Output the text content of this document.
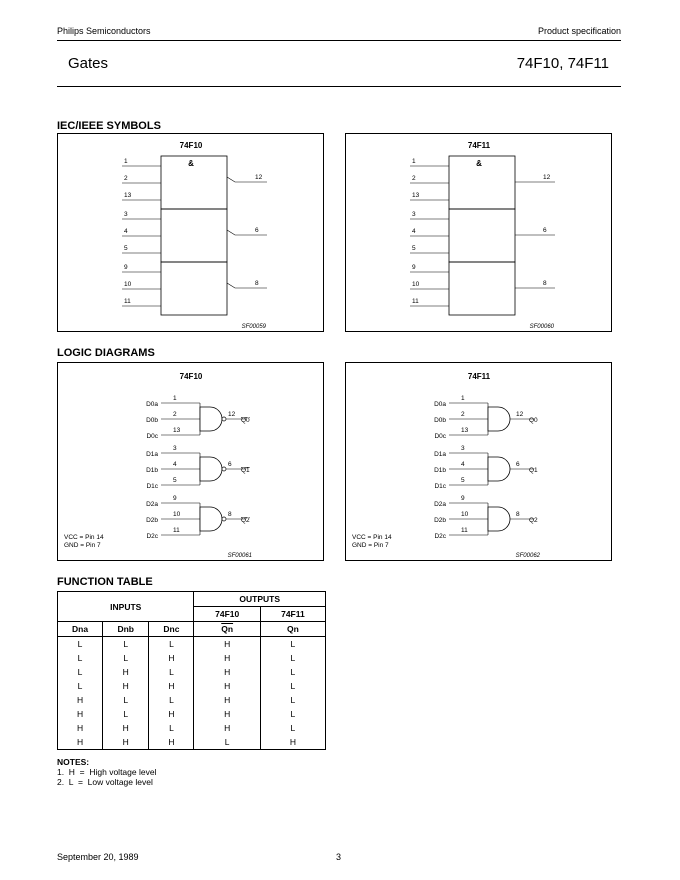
Philips Semiconductors	Product specification
Gates	74F10, 74F11
IEC/IEEE SYMBOLS
LOGIC DIAGRAMS
FUNCTION TABLE
74F10
&
1
2
13
3
4
5
9
10
11
12
6
8
SF00059
74F11
&
1
2
13
3
4
5
9
10
11
12
6
8
SF00060
74F10
D0a
1
D0b
2
D0c
13
12
Q0
D1a
3
D1b
4
D1c
5
6
Q1
D2a
9
D2b
10
D2c
11
8
Q2
VCC = Pin 14
GND = Pin 7
SF00061
74F11
D0a
1
D0b
2
D0c
13
12
Q0
D1a
3
D1b
4
D1c
5
6
Q1
D2a
9
D2b
10
D2c
11
8
Q2
VCC = Pin 14
GND = Pin 7
SF00062
INPUTS			OUTPUTS	
			74F10	74F11
Dna	Dnb	Dnc	$\overline{Qn}$	Qn
L	L	L	H	L
L	L	H	H	L
L	H	L	H	L
L	H	H	H	L
H	L	L	H	L
H	L	H	H	L
H	H	L	H	L
H	H	H	L	H
NOTES:
1.  H  =  High voltage level
2.  L  =  Low voltage level
September 20, 1989	3
